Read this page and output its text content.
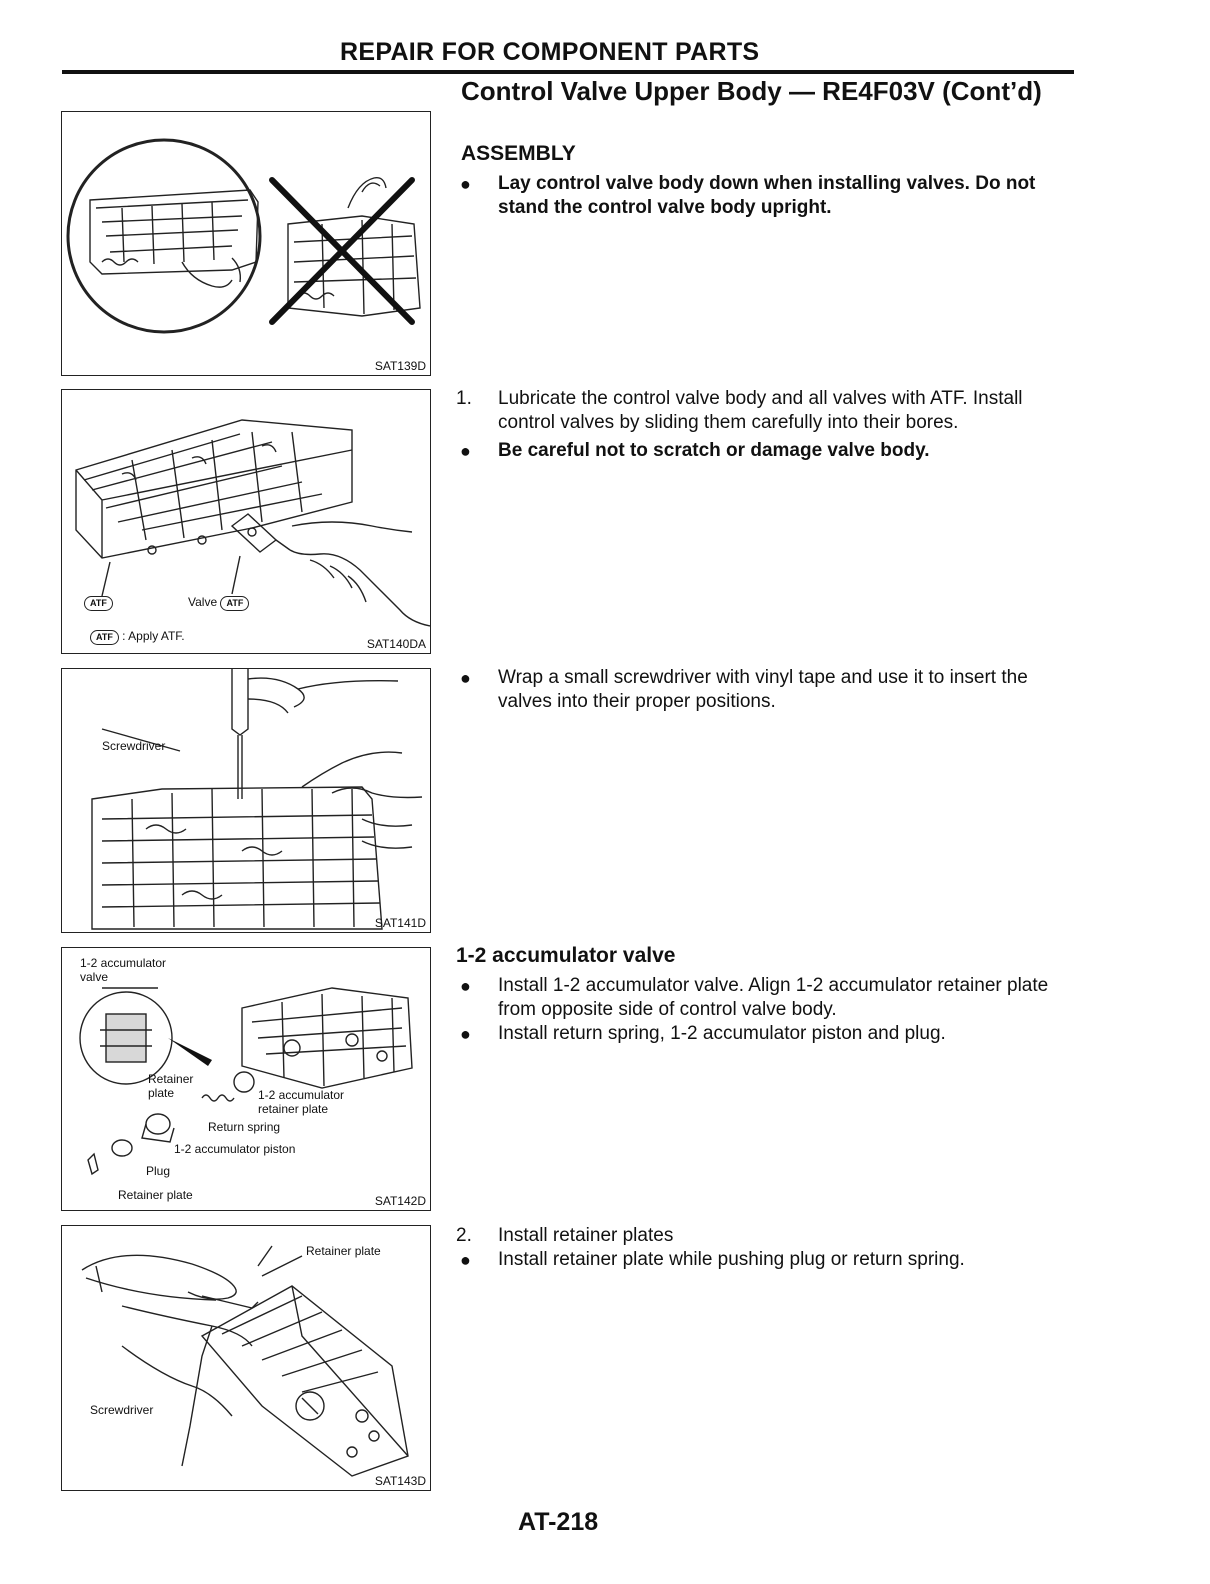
REPAIR FOR COMPONENT PARTS
Control Valve Upper Body — RE4F03V (Cont’d)
ASSEMBLY
●	Lay control valve body down when installing valves. Do not stand the control valve body upright.
1.	Lubricate the control valve body and all valves with ATF. Install control valves by sliding them carefully into their bores.
●	Be careful not to scratch or damage valve body.
●	Wrap a small screwdriver with vinyl tape and use it to insert the valves into their proper positions.
1-2 accumulator valve
●	Install 1-2 accumulator valve. Align 1-2 accumulator retainer plate from opposite side of control valve body.
●	Install return spring, 1-2 accumulator piston and plug.
2.	Install retainer plates
●	Install retainer plate while pushing plug or return spring.
SAT139D
ATF	Valve ATF
ATF : Apply ATF.
SAT140DA
Screwdriver
SAT141D
1-2 accumulator
valve
Retainer
plate	1-2 accumulator
retainer plate
Return spring
1-2 accumulator piston
Plug
Retainer plate	SAT142D
Retainer plate
Screwdriver
SAT143D
AT-218
